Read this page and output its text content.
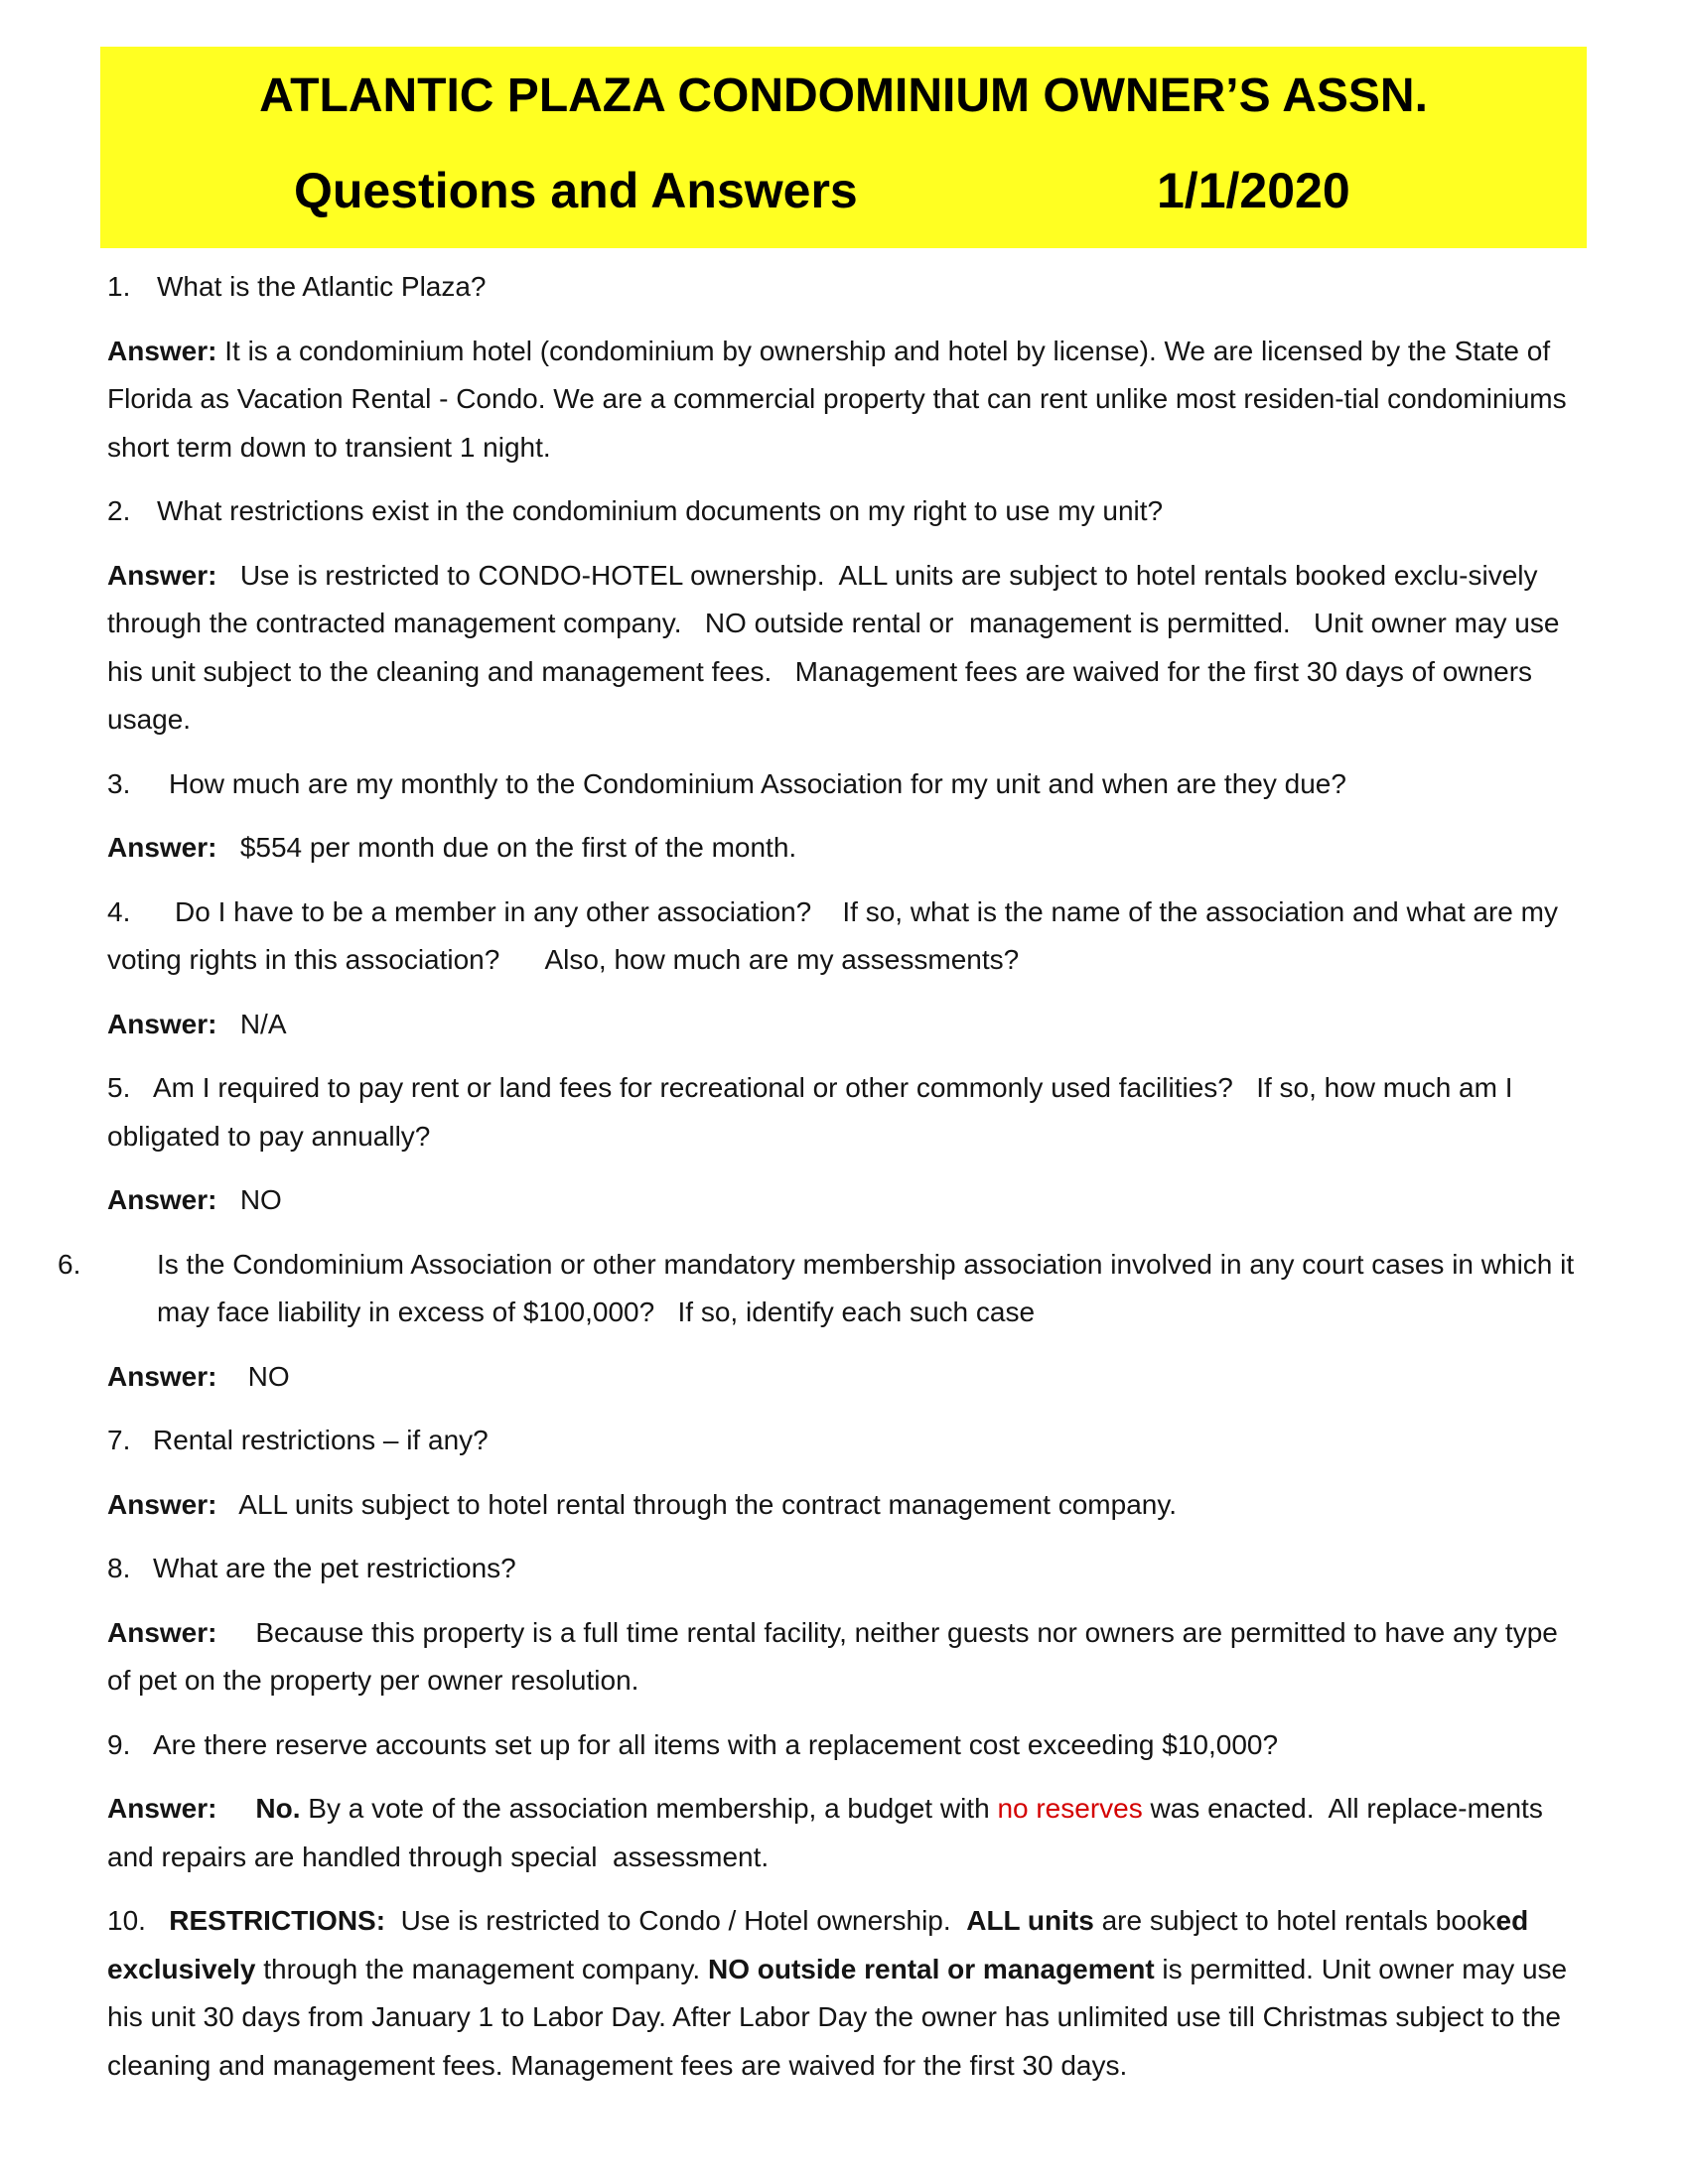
ATLANTIC PLAZA CONDOMINIUM OWNER’S ASSN.
Questions and Answers	1/1/2020
1. What is the Atlantic Plaza?
Answer: It is a condominium hotel (condominium by ownership and hotel by license). We are licensed by the State of Florida as Vacation Rental - Condo. We are a commercial property that can rent unlike most residen-tial condominiums short term down to transient 1 night.
2. What restrictions exist in the condominium documents on my right to use my unit?
Answer: Use is restricted to CONDO-HOTEL ownership.  ALL units are subject to hotel rentals booked exclu-sively through the contracted management company.   NO outside rental or  management is permitted.   Unit owner may use his unit subject to the cleaning and management fees.   Management fees are waived for the first 30 days of owners usage.
3. How much are my monthly to the Condominium Association for my unit and when are they due?
Answer: $554 per month due on the first of the month.
4. Do I have to be a member in any other association?    If so, what is the name of the association and what are my voting rights in this association?      Also, how much are my assessments?
Answer: N/A
5. Am I required to pay rent or land fees for recreational or other commonly used facilities?   If so, how much am I obligated to pay annually?
Answer: NO
6.	Is the Condominium Association or other mandatory membership association involved in any court cases in which it may face liability in excess of $100,000?   If so, identify each such case
Answer: NO
7. Rental restrictions – if any?
Answer: ALL units subject to hotel rental through the contract management company.
8. What are the pet restrictions?
Answer: Because this property is a full time rental facility, neither guests nor owners are permitted to have any type of pet on the property per owner resolution.
9. Are there reserve accounts set up for all items with a replacement cost exceeding $10,000?
Answer: No. By a vote of the association membership, a budget with no reserves was enacted.  All replace-ments and repairs are handled through special  assessment.
10. RESTRICTIONS: Use is restricted to Condo / Hotel ownership. ALL units are subject to hotel rentals booked exclusively through the management company. NO outside rental or management is permitted. Unit owner may use his unit 30 days from January 1 to Labor Day. After Labor Day the owner has unlimited use till Christmas subject to the cleaning and management fees. Management fees are waived for the first 30 days.
